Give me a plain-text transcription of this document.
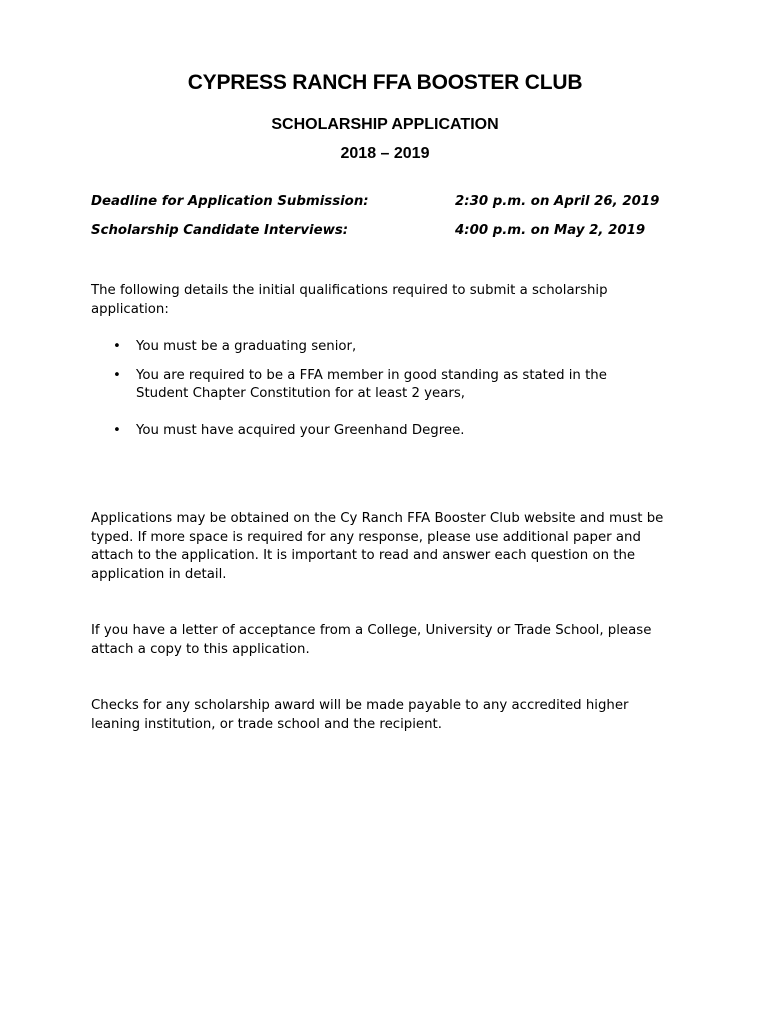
CYPRESS RANCH FFA BOOSTER CLUB
SCHOLARSHIP APPLICATION
2018 – 2019
Deadline for Application Submission:	2:30 p.m. on April 26, 2019
Scholarship Candidate Interviews:	4:00 p.m. on May 2, 2019
The following details the initial qualifications required to submit a scholarship application:
• You must be a graduating senior,
• You are required to be a FFA member in good standing as stated in the Student Chapter Constitution for at least 2 years,
• You must have acquired your Greenhand Degree.
Applications may be obtained on the Cy Ranch FFA Booster Club website and must be typed. If more space is required for any response, please use additional paper and attach to the application. It is important to read and answer each question on the application in detail.
If you have a letter of acceptance from a College, University or Trade School, please attach a copy to this application.
Checks for any scholarship award will be made payable to any accredited higher leaning institution, or trade school and the recipient.
